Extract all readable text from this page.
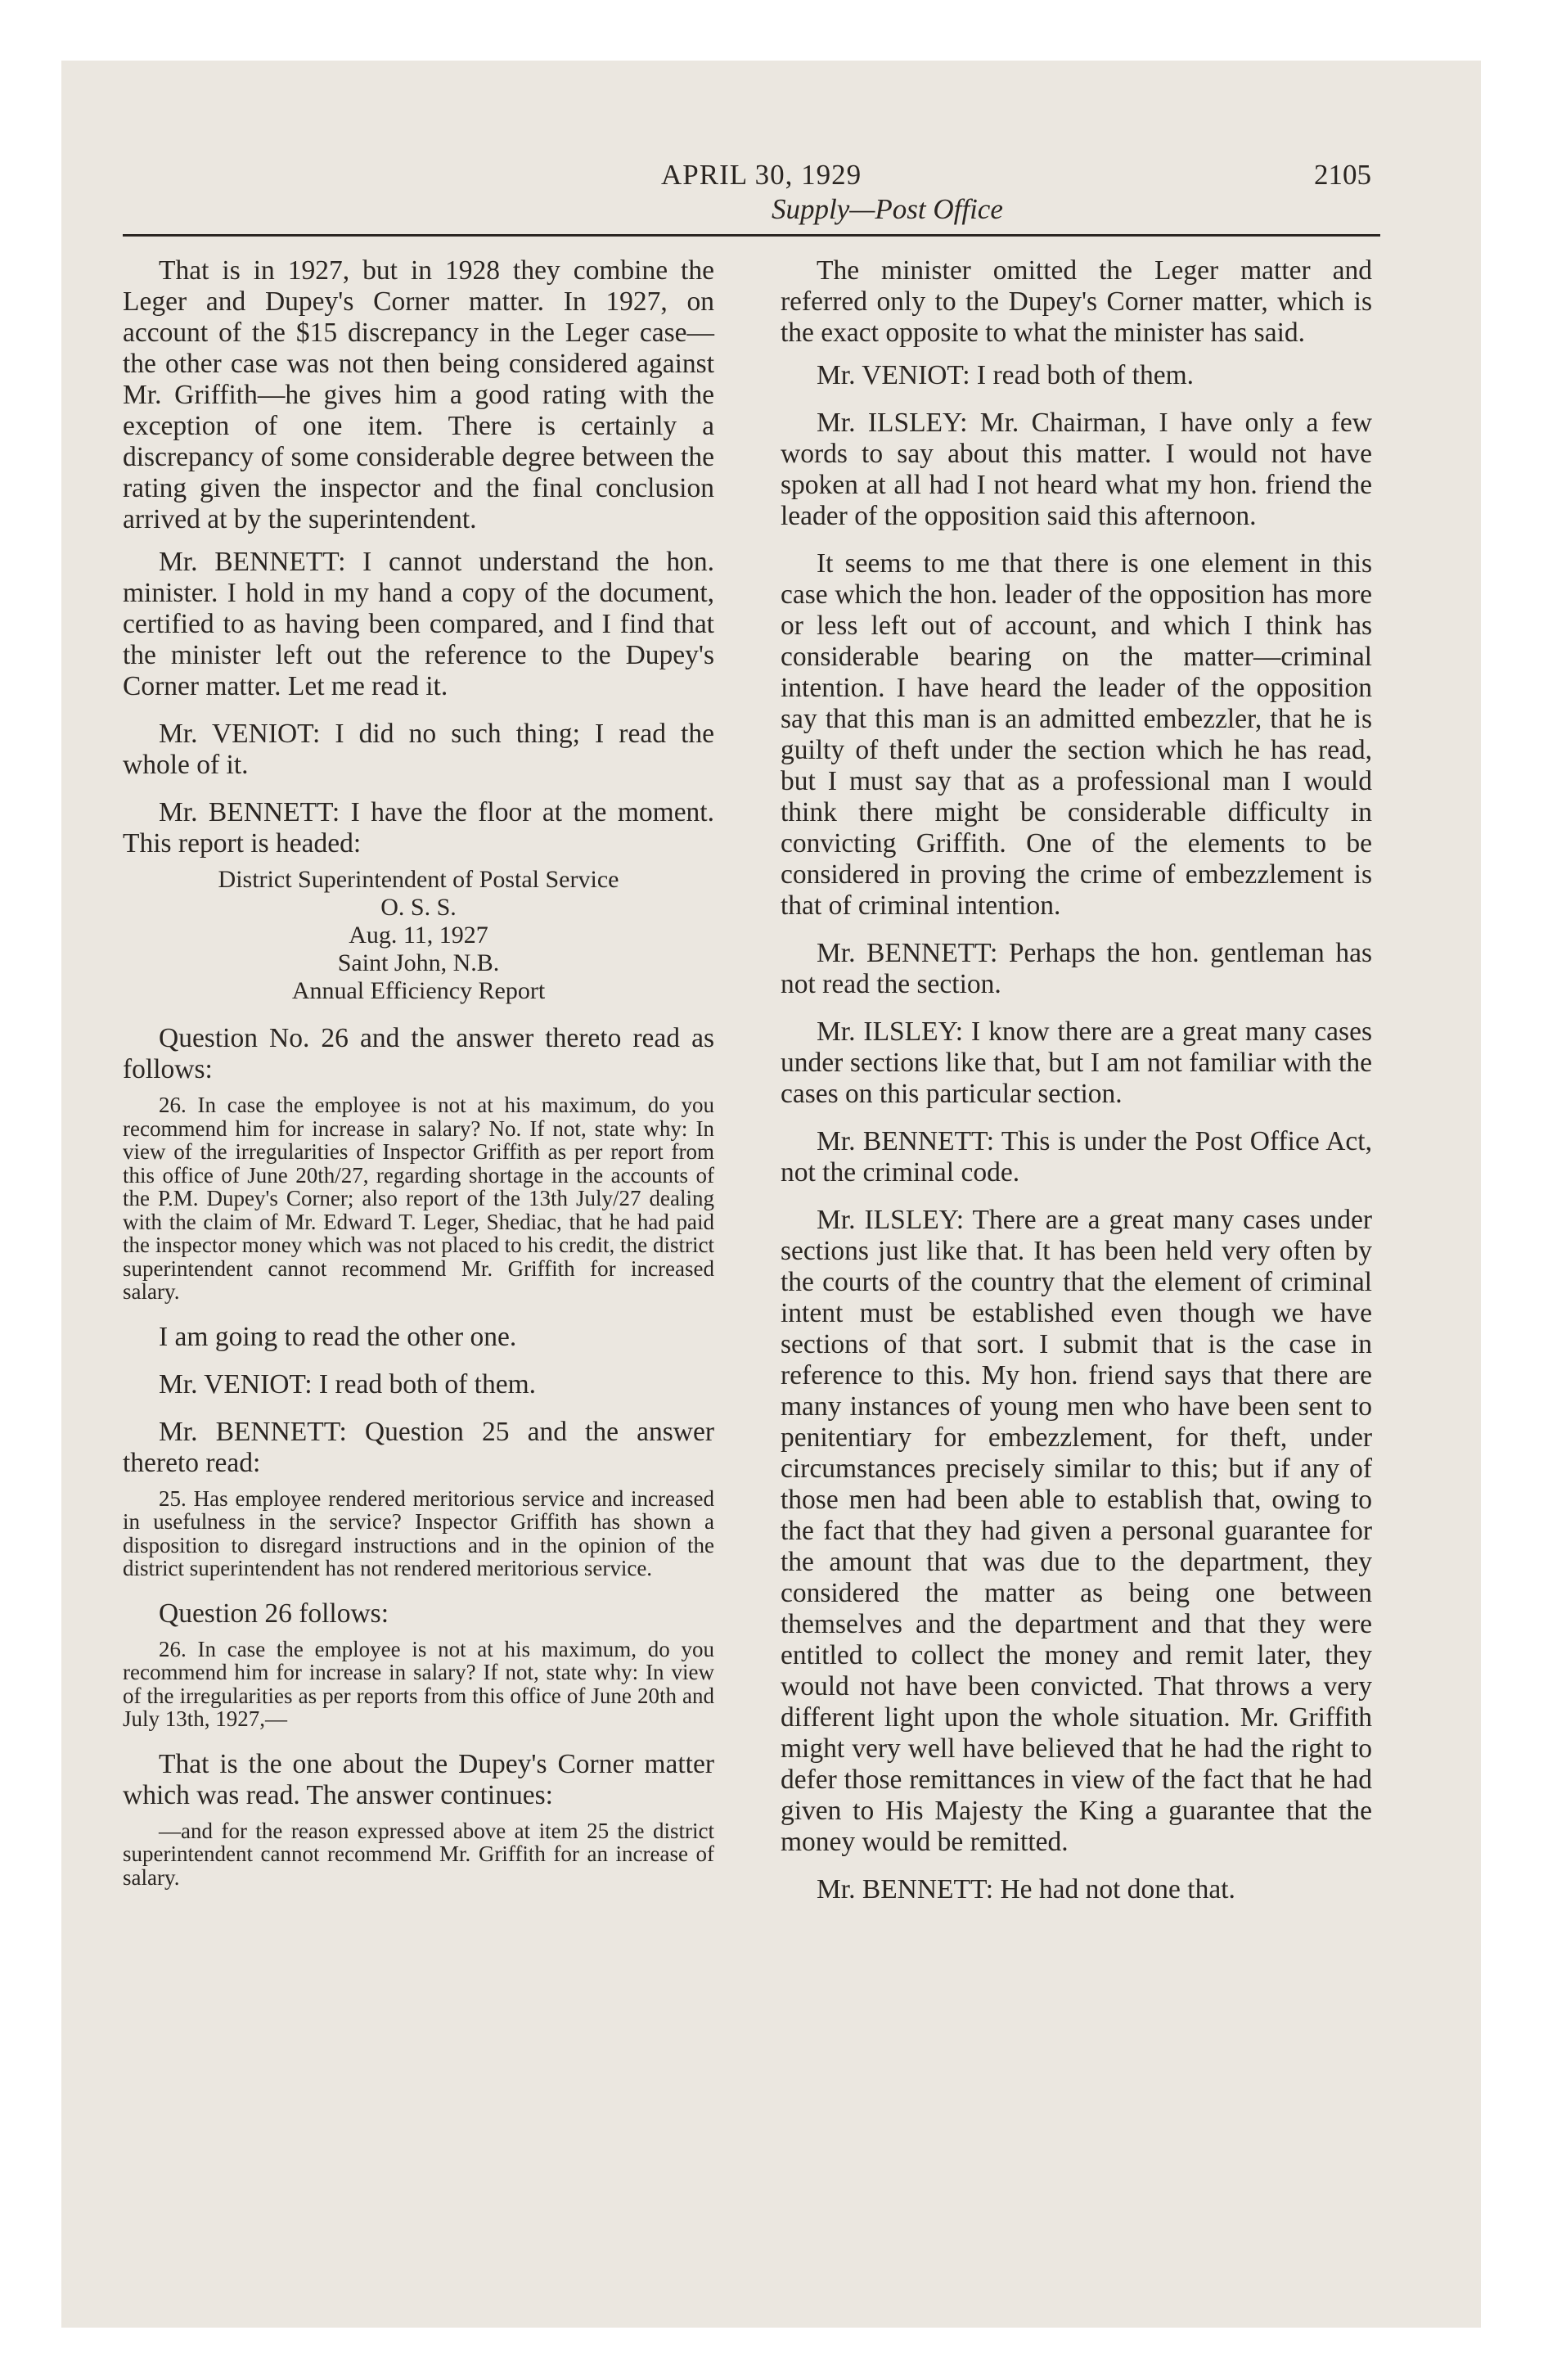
APRIL 30, 1929	2105
Supply—Post Office

That is in 1927, but in 1928 they combine the Leger and Dupey's Corner matter. In 1927, on account of the $15 discrepancy in the Leger case—the other case was not then being considered against Mr. Griffith—he gives him a good rating with the exception of one item. There is certainly a discrepancy of some considerable degree between the rating given the inspector and the final conclusion arrived at by the superintendent.

Mr. BENNETT: I cannot understand the hon. minister. I hold in my hand a copy of the document, certified to as having been compared, and I find that the minister left out the reference to the Dupey's Corner matter. Let me read it.

Mr. VENIOT: I did no such thing; I read the whole of it.

Mr. BENNETT: I have the floor at the moment. This report is headed:

District Superintendent of Postal Service
O. S. S.
Aug. 11, 1927
Saint John, N.B.
Annual Efficiency Report

Question No. 26 and the answer thereto read as follows:

26. In case the employee is not at his maximum, do you recommend him for increase in salary? No. If not, state why: In view of the irregularities of Inspector Griffith as per report from this office of June 20th/27, regarding shortage in the accounts of the P.M. Dupey's Corner; also report of the 13th July/27 dealing with the claim of Mr. Edward T. Leger, Shediac, that he had paid the inspector money which was not placed to his credit, the district superintendent cannot recommend Mr. Griffith for increased salary.

I am going to read the other one.

Mr. VENIOT: I read both of them.

Mr. BENNETT: Question 25 and the answer thereto read:

25. Has employee rendered meritorious service and increased in usefulness in the service? Inspector Griffith has shown a disposition to disregard instructions and in the opinion of the district superintendent has not rendered meritorious service.

Question 26 follows:

26. In case the employee is not at his maximum, do you recommend him for increase in salary? If not, state why: In view of the irregularities as per reports from this office of June 20th and July 13th, 1927,—

That is the one about the Dupey's Corner matter which was read. The answer continues:

—and for the reason expressed above at item 25 the district superintendent cannot recommend Mr. Griffith for an increase of salary.

The minister omitted the Leger matter and referred only to the Dupey's Corner matter, which is the exact opposite to what the minister has said.

Mr. VENIOT: I read both of them.

Mr. ILSLEY: Mr. Chairman, I have only a few words to say about this matter. I would not have spoken at all had I not heard what my hon. friend the leader of the opposition said this afternoon.

It seems to me that there is one element in this case which the hon. leader of the opposition has more or less left out of account, and which I think has considerable bearing on the matter—criminal intention. I have heard the leader of the opposition say that this man is an admitted embezzler, that he is guilty of theft under the section which he has read, but I must say that as a professional man I would think there might be considerable difficulty in convicting Griffith. One of the elements to be considered in proving the crime of embezzlement is that of criminal intention.

Mr. BENNETT: Perhaps the hon. gentleman has not read the section.

Mr. ILSLEY: I know there are a great many cases under sections like that, but I am not familiar with the cases on this particular section.

Mr. BENNETT: This is under the Post Office Act, not the criminal code.

Mr. ILSLEY: There are a great many cases under sections just like that. It has been held very often by the courts of the country that the element of criminal intent must be established even though we have sections of that sort. I submit that is the case in reference to this. My hon. friend says that there are many instances of young men who have been sent to penitentiary for embezzlement, for theft, under circumstances precisely similar to this; but if any of those men had been able to establish that, owing to the fact that they had given a personal guarantee for the amount that was due to the department, they considered the matter as being one between themselves and the department and that they were entitled to collect the money and remit later, they would not have been convicted. That throws a very different light upon the whole situation. Mr. Griffith might very well have believed that he had the right to defer those remittances in view of the fact that he had given to His Majesty the King a guarantee that the money would be remitted.

Mr. BENNETT: He had not done that.
